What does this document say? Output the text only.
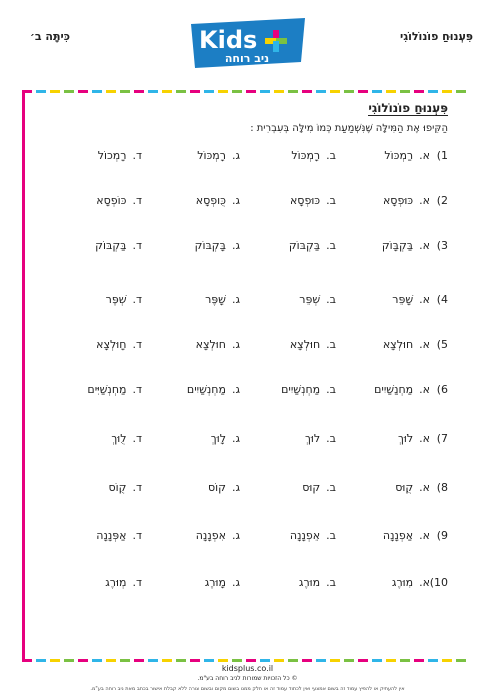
פִּעְנוּחַ פוֹנוֹלוֹגִי
כִּיתָּה ב׳	Kids
ניב רוחה
פִּעְנוּחַ פוֹנוֹלוֹגִי
הַקִּיפוּ אֶת הַמִּילָּה שֶׁנִּשְׁמַעַת כְּמוֹ מִילָּה בְּעִבְרִית :
1)
א.רַמְכּוֹל
ב.רָמְכּוֹל
ג.רָמְכּוֹל
ד.רָמְכוֹל
2)
א.כּוּפְסָא
ב.כּוּפְסָא
ג.כֻּופְסָא
ד.כּוֹפְסָא
3)
א.בַּקְבָּוֹק
ב.בַּקְבּוֹק
ג.בָּקְבּוֹק
ד.בַּקְבּוֹק
4)
א.שָׁפֵּר
ב.שְׁפֵּר
ג.שָׁפֶּר
ד.שְׁפֶּר
5)
א.חוּלְצָא
ב.חוּלְצָא
ג.חוּלְצָא
ד.חָוּלְצָא
6)
א.מַחְנַשַׁיִים
ב.מַחְנְשַׁיִים
ג.מַחְנְשַׁיִים
ד.מַחְנְשַׁיִּים
7)
א.לֹוּךְ
ב.לוּךְ
ג.לָוּךְ
ד.לֻוּךְ
8)
א.קֻוּס
ב.קוּס
ג.קוֹס
ד.קֻוֹס
9)
א.אַפְנָנָה
ב.אֵפְנָנָה
ג.אִפְנָנָה
ד.אַפְּנָנָה
10)
א.מִוּרֶג
ב.מוּרֶג
ג.מָוּרֶג
ד.מְוּרֶג
kidsplus.co.il
© כל הזכויות שמורות לניב רוחה בע"מ.
אין להעתיק או להפיץ עמוד זה בשום אמצעי ואין לכתוד עמוד זה או חלק ממנו בשום מקום ובשום צורה ללא קבלת אישור בכתב מאת ניב רוחה בע"מ.
